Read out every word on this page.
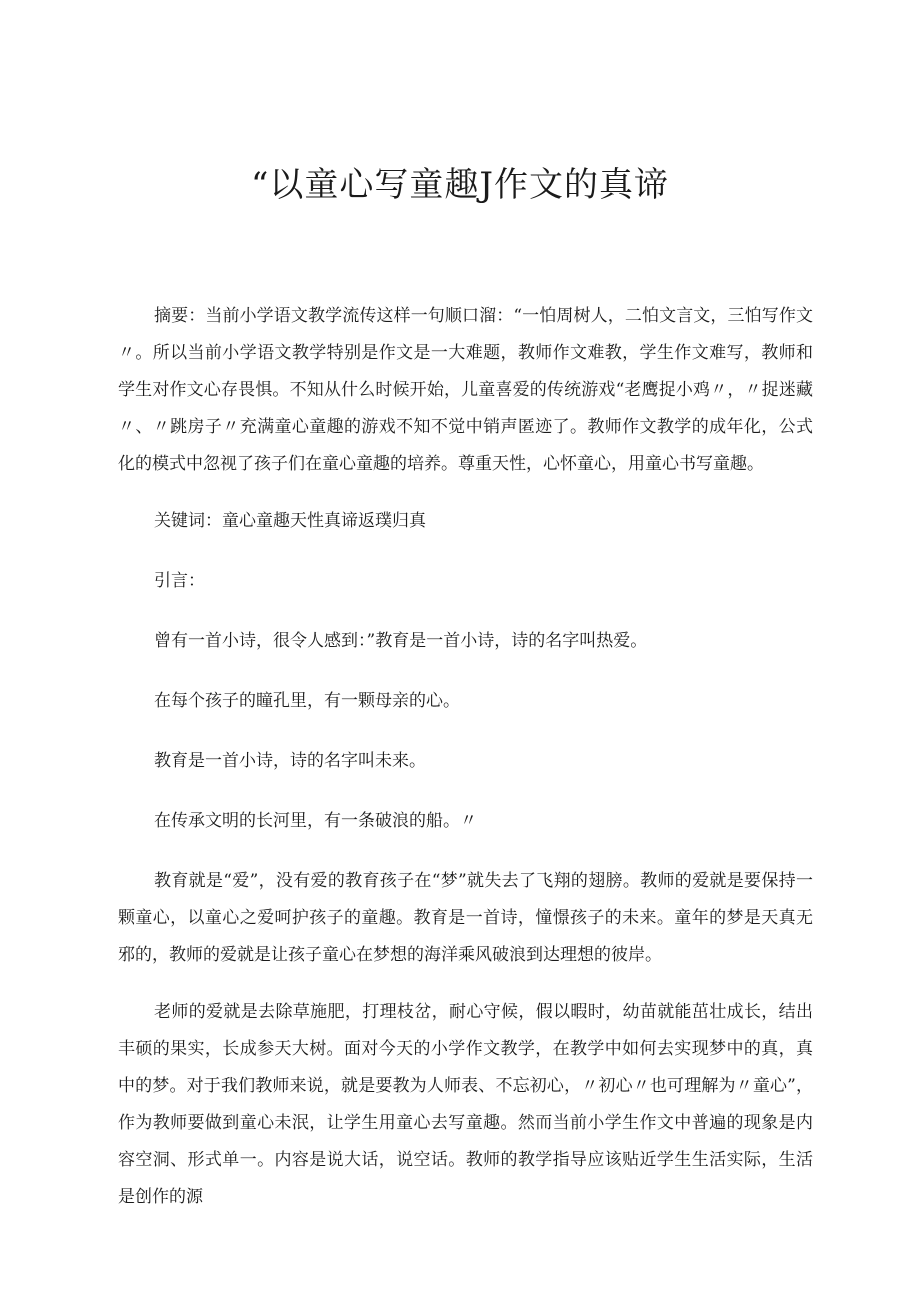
“以童心写童趣J作文的真谛

摘要：当前小学语文教学流传这样一句顺口溜：“一怕周树人，二怕文言文，三怕写作文〃。所以当前小学语文教学特别是作文是一大难题，教师作文难教，学生作文难写，教师和学生对作文心存畏惧。不知从什么时候开始，儿童喜爱的传统游戏“老鹰捉小鸡〃，〃捉迷藏〃、〃跳房子〃充满童心童趣的游戏不知不觉中销声匿迹了。教师作文教学的成年化，公式化的模式中忽视了孩子们在童心童趣的培养。尊重天性，心怀童心，用童心书写童趣。

关键词：童心童趣天性真谛返璞归真

引言：

曾有一首小诗，很令人感到：”教育是一首小诗，诗的名字叫热爱。

在每个孩子的瞳孔里，有一颗母亲的心。

教育是一首小诗，诗的名字叫未来。

在传承文明的长河里，有一条破浪的船。〃

教育就是“爱”，没有爱的教育孩子在“梦”就失去了飞翔的翅膀。教师的爱就是要保持一颗童心，以童心之爱呵护孩子的童趣。教育是一首诗，憧憬孩子的未来。童年的梦是天真无邪的，教师的爱就是让孩子童心在梦想的海洋乘风破浪到达理想的彼岸。

老师的爱就是去除草施肥，打理枝岔，耐心守候，假以暇时，幼苗就能茁壮成长，结出丰硕的果实，长成参天大树。面对今天的小学作文教学，在教学中如何去实现梦中的真，真中的梦。对于我们教师来说，就是要教为人师表、不忘初心，〃初心〃也可理解为〃童心”，作为教师要做到童心未泯，让学生用童心去写童趣。然而当前小学生作文中普遍的现象是内容空洞、形式单一。内容是说大话，说空话。教师的教学指导应该贴近学生生活实际，生活是创作的源
